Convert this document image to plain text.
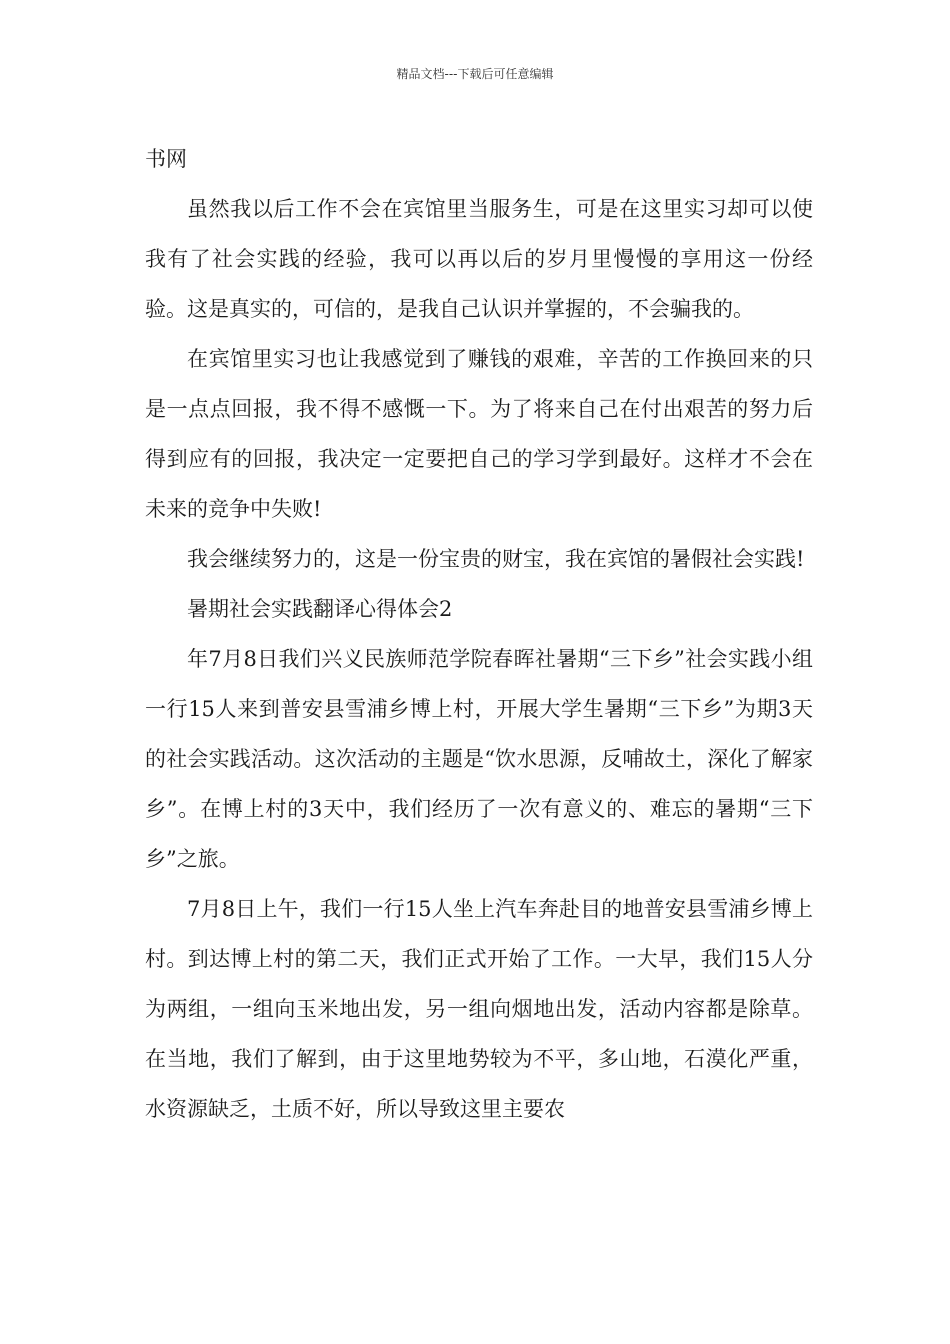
精品文档---下载后可任意编辑

书网

虽然我以后工作不会在宾馆里当服务生，可是在这里实习却可以使我有了社会实践的经验，我可以再以后的岁月里慢慢的享用这一份经验。这是真实的，可信的，是我自己认识并掌握的，不会骗我的。

在宾馆里实习也让我感觉到了赚钱的艰难，辛苦的工作换回来的只是一点点回报，我不得不感慨一下。为了将来自己在付出艰苦的努力后得到应有的回报，我决定一定要把自己的学习学到最好。这样才不会在未来的竞争中失败!

我会继续努力的，这是一份宝贵的财宝，我在宾馆的暑假社会实践!

暑期社会实践翻译心得体会2

年7月8日我们兴义民族师范学院春晖社暑期“三下乡”社会实践小组一行15人来到普安县雪浦乡博上村，开展大学生暑期“三下乡”为期3天的社会实践活动。这次活动的主题是“饮水思源，反哺故土，深化了解家乡”。在博上村的3天中，我们经历了一次有意义的、难忘的暑期“三下乡”之旅。

7月8日上午，我们一行15人坐上汽车奔赴目的地普安县雪浦乡博上村。到达博上村的第二天，我们正式开始了工作。一大早，我们15人分为两组，一组向玉米地出发，另一组向烟地出发，活动内容都是除草。在当地，我们了解到，由于这里地势较为不平，多山地，石漠化严重，水资源缺乏，土质不好，所以导致这里主要农
